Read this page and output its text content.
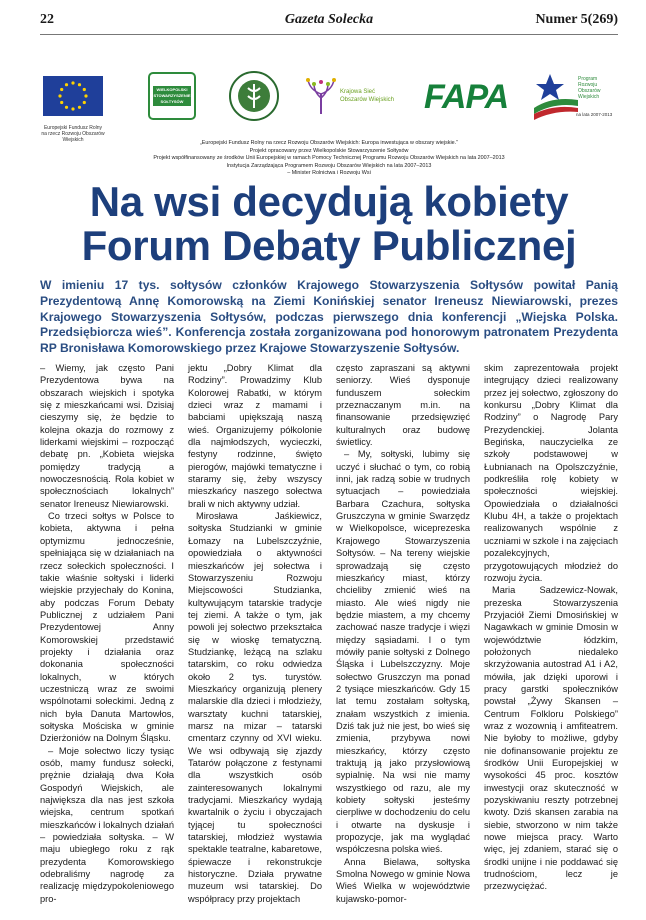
22	Gazeta Solecka	Numer 5(269)
Europejski Fundusz Rolny
na rzecz Rozwoju Obszarów Wiejskich
WIELKOPOLSKI
STOWARZYSZENIE
SOŁTYSÓW
Krajowa Sieć
Obszarów Wiejskich FAPA	Program
Rozwoju
Obszarów
Wiejskich
na lata 2007-2013
„Europejski Fundusz Rolny na rzecz Rozwoju Obszarów Wiejskich: Europa inwestująca w obszary wiejskie.”
Projekt opracowany przez Wielkopolskie Stowarzyszenie Sołtysów
Projekt współfinansowany ze środków Unii Europejskiej w ramach Pomocy Technicznej Programu Rozwoju Obszarów Wiejskich na lata 2007–2013
Instytucja Zarządzająca Programem Rozwoju Obszarów Wiejskich na lata 2007–2013
– Minister Rolnictwa i Rozwoju Wsi
Na wsi decydują kobiety
Forum Debaty Publicznej
W imieniu 17 tys. sołtysów członków Krajowego Stowarzyszenia Sołtysów powitał Panią Prezydentową Annę Komorowską na Ziemi Konińskiej senator Ireneusz Niewiarowski, prezes Krajowego Stowarzyszenia Sołtysów, podczas pierwszego dnia konferencji „Wiejska Polska. Przedsiębiorcza wieś”. Konferencja została zorganizowana pod honorowym patronatem Prezydenta RP Bronisława Komorowskiego przez Krajowe Stowarzyszenie Sołtysów.

– Wiemy, jak często Pani Prezydentowa bywa na obszarach wiejskich i spotyka się z mieszkańcami wsi. Dzisiaj cieszymy się, że będzie to kolejna okazja do rozmowy z liderkami wiejskimi – rozpocząć debatę pn. „Kobieta wiejska pomiędzy tradycją a nowoczesnością. Rola kobiet w społecznościach lokalnych” senator Ireneusz Niewiarowski.

Co trzeci sołtys w Polsce to kobieta, aktywna i pełna optymizmu jednocześnie, spełniająca się w działaniach na rzecz sołeckich społeczności. I takie właśnie sołtyski i liderki wiejskie przyjechały do Konina, aby podczas Forum Debaty Publicznej z udziałem Pani Prezydentowej Anny Komorowskiej przedstawić projekty i działania oraz dokonania społeczności lokalnych, w których uczestniczą wraz ze swoimi wspólnotami sołeckimi. Jedną z nich była Danuta Martowłos, sołtyska Mościska w gminie Dzierżoniów na Dolnym Śląsku.

– Moje sołectwo liczy tysiąc osób, mamy fundusz sołecki, prężnie działają dwa Koła Gospodyń Wiejskich, ale największa dla nas jest szkoła wiejska, centrum spotkań mieszkańców i lokalnych działań – powiedziała sołtyska. – W maju ubiegłego roku z rąk prezydenta Komorowskiego odebraliśmy nagrodę za realizację międzypokoleniowego pro-

jektu „Dobry Klimat dla Rodziny”. Prowadzimy Klub Kolorowej Rabatki, w którym dzieci wraz z mamami i babciami upiększają naszą wieś. Organizujemy półkolonie dla najmłodszych, wycieczki, festyny rodzinne, święto pierogów, majówki tematyczne i staramy się, żeby wszyscy mieszkańcy naszego sołectwa brali w nich aktywny udział.

Mirosława Jaśkiewicz, sołtyska Studzianki w gminie Łomazy na Lubelszczyźnie, opowiedziała o aktywności mieszkańców jej sołectwa i Stowarzyszeniu Rozwoju Miejscowości Studzianka, kultywującym tatarskie tradycje tej ziemi. A także o tym, jak powoli jej sołectwo przekształca się w wioskę tematyczną. Studziankę, leżącą na szlaku tatarskim, co roku odwiedza około 2 tys. turystów. Mieszkańcy organizują plenery malarskie dla dzieci i młodzieży, warsztaty kuchni tatarskiej, marsz na mizar – tatarski cmentarz czynny od XVI wieku. We wsi odbywają się zjazdy Tatarów połączone z festynami dla wszystkich osób zainteresowanych lokalnymi tradycjami. Mieszkańcy wydają kwartalnik o życiu i obyczajach tyjącej tu społeczności tatarskiej, młodzież wystawia spektakle teatralne, kabaretowe, śpiewacze i rekonstrukcje historyczne. Działa prywatne muzeum wsi tatarskiej. Do współpracy przy projektach

często zapraszani są aktywni seniorzy. Wieś dysponuje funduszem sołeckim przeznaczanym m.in. na finansowanie przedsięwzięć kulturalnych oraz budowę świetlicy.

– My, sołtyski, lubimy się uczyć i słuchać o tym, co robią inni, jak radzą sobie w trudnych sytuacjach – powiedziała Barbara Czachura, sołtyska Gruszczyna w gminie Swarzędz w Wielkopolsce, wiceprezeska Krajowego Stowarzyszenia Sołtysów. – Na tereny wiejskie sprowadzają się często mieszkańcy miast, którzy chcieliby zmienić wieś na miasto. Ale wieś nigdy nie będzie miastem, a my chcemy zachować nasze tradycje i więzi między sąsiadami. I o tym mówiły panie sołtyski z Dolnego Śląska i Lubelszczyzny. Moje sołectwo Gruszczyn ma ponad 2 tysiące mieszkańców. Gdy 15 lat temu zostałam sołtyską, znałam wszystkich z imienia. Dziś tak już nie jest, bo wieś się zmienia, przybywa nowi mieszkańcy, którzy często traktują ją jako przysłowiową sypialnię. Na wsi nie mamy wszystkiego od razu, ale my kobiety sołtyski jesteśmy cierpliwe w dochodzeniu do celu i otwarte na dyskusje i propozycje, jak ma wyglądać współczesna polska wieś.

Anna Bielawa, sołtyska Smolna Nowego w gminie Nowa Wieś Wielka w województwie kujawsko-pomor-

skim zaprezentowała projekt integrujący dzieci realizowany przez jej sołectwo, zgłoszony do konkursu „Dobry Klimat dla Rodziny” o Nagrodę Pary Prezydenckiej. Jolanta Begińska, nauczycielka ze szkoły podstawowej w Łubnianach na Opolszczyźnie, podkreśliła rolę kobiety w społeczności wiejskiej. Opowiedziała o działalności Klubu 4H, a także o projektach realizowanych wspólnie z uczniami w szkole i na zajęciach pozalekcyjnych, przygotowujących młodzież do rozwoju życia.

Maria Sadzewicz-Nowak, prezeska Stowarzyszenia Przyjaciół Ziemi Dmosińskiej w Nagawkach w gminie Dmosin w województwie łódzkim, położonych niedaleko skrzyżowania autostrad A1 i A2, mówiła, jak dzięki uporowi i pracy garstki społeczników powstał „Żywy Skansen – Centrum Folkloru Polskiego” wraz z wozownią i amfiteatrem. Nie byłoby to możliwe, gdyby nie dofinansowanie projektu ze środków Unii Europejskiej w wysokości 45 proc. kosztów inwestycji oraz skuteczność w pozyskiwaniu reszty potrzebnej kwoty. Dziś skansen zarabia na siebie, stworzono w nim także nowe miejsca pracy. Warto więc, jej zdaniem, starać się o środki unijne i nie poddawać się trudnościom, lecz je przezwyciężać.
